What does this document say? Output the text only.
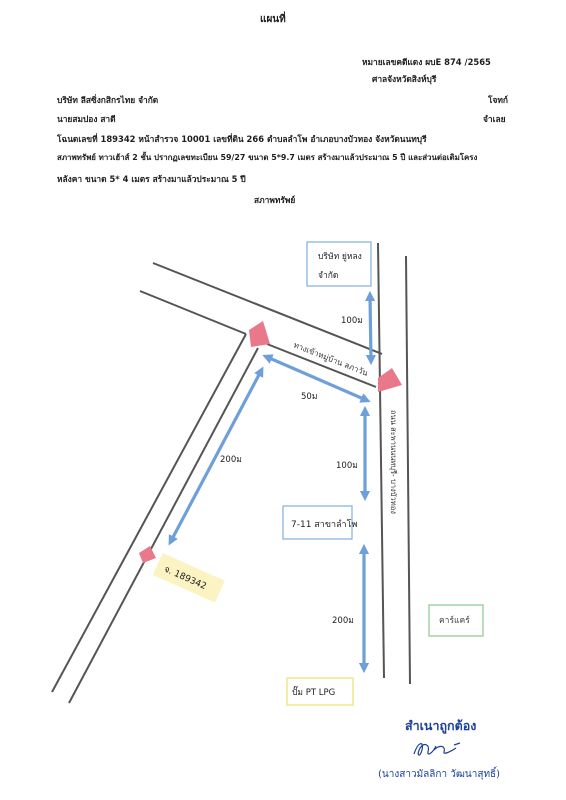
แผนที่
หมายเลขคดีแดง ผบE 874 /2565
ศาลจังหวัดสิงห์บุรี
บริษัท ลีสซิ่งกสิกรไทย จำกัด	โจทก์
นายสมปอง สาดี	จำเลย
โฉนดเลขที่ 189342 หน้าสำรวจ 10001 เลขที่ดิน 266 ตำบลลำโพ อำเภอบางบัวทอง จังหวัดนนทบุรี
สภาพทรัพย์ ทาวเฮ้าส์ 2 ชั้น ปรากฏเลขทะเบียน 59/27 ขนาด 5*9.7 เมตร สร้างมาแล้วประมาณ 5 ปี และส่วนต่อเติมโครง
หลังคา ขนาด 5* 4 เมตร สร้างมาแล้วประมาณ 5 ปี
สภาพทรัพย์
บริษัท ยู่หลง
จำกัด
7-11 สาขาลำโพ
คาร์แคร์
ปั๊ม PT LPG
100ม
50ม
200ม
100ม
200ม
ทางเข้าหมู่บ้าน ลภาวัน
ถนน สะพานนนทบุรี- บางบัวทอง
จ. 189342
สำเนาถูกต้อง
(นางสาวมัลลิกา วัฒนาสุทธิ์)
